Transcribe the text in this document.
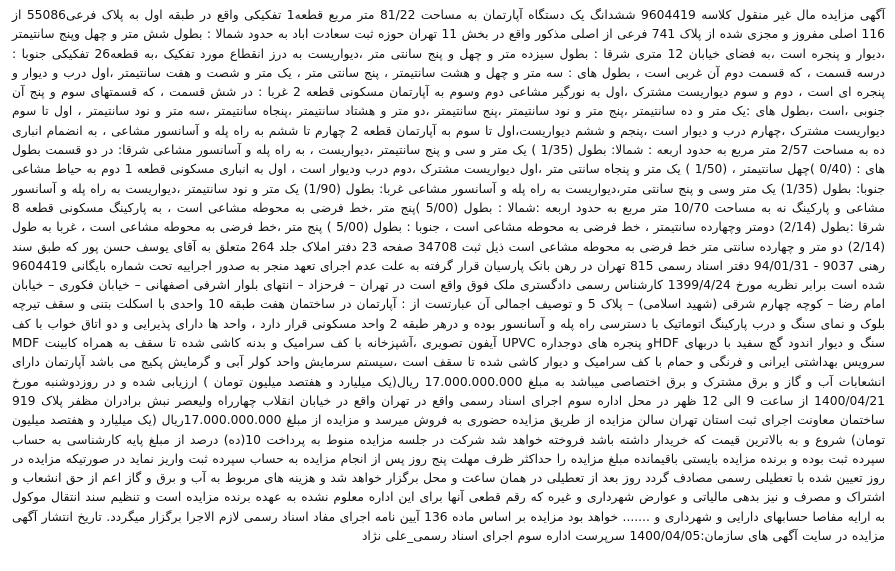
آگهی مزایده مال غیر منقول کلاسه 9604419 ششدانگ یک دستگاه آپارتمان به مساحت 81/22 متر مربع قطعه1 تفکیکی واقع در طبقه اول به پلاک فرعی55086 از 116 اصلی مفروز و مجزی شده از پلاک 741 فرعی از اصلی مذکور واقع در بخش 11 تهران حوزه ثبت سعادت اباد به حدود شمالا : بطول شش متر و چهل وپنج سانتیمتر ،دیوار و پنجره است ،به فضای خیابان 12 متری شرقا : بطول سیزده متر و چهل و پنج سانتی متر ،دیواریست به درز انقطاع مورد تفکیک ،به قطعه26 تفکیکی جنوبا : درسه قسمت ، که قسمت دوم آن غربی است ، بطول های : سه متر و چهل و هشت سانتیمتر ، پنج سانتی متر ، یک متر و شصت و هفت سانتیمتر ،اول درب و دیوار و پنجره ای است ، دوم و سوم دیواریست مشترک ،اول به نورگیر مشاعی دوم وسوم به آپارتمان مسکونی قطعه 2 غربا : در شش قسمت ، که قسمتهای سوم و پنج آن جنوبی ،است ،بطول های :یک متر و ده سانتیمتر ،پنج متر و نود سانتیمتر ،پنج سانتیمتر ،دو متر و هشتاد سانتیمتر ،پنجاه سانتیمتر ،سه متر و نود سانتیمتر ، اول تا سوم دیواریست مشترک ،چهارم درب و دیوار است ،پنجم و ششم دیواریست،اول تا سوم به آپارتمان قطعه 2 چهارم تا ششم به راه پله و آسانسور مشاعی ، به انضمام انباری ده به مساحت 2/57 متر مربع به حدود اربعه : شمالا: بطول (1/35 ) یک متر و سی و پنج سانتیمتر ،دیواریست ، به راه پله و آسانسور مشاعی شرقا: در دو قسمت بطول های : (0/40 )چهل سانتیمتر ، (1/50 ) یک متر و پنجاه سانتی متر ،اول دیواریست مشترک ،دوم درب ودیوار است ، اول به انباری مسکونی قطعه 1 دوم به حیاط مشاعی جنوبا: بطول (1/35) یک متر وسی و پنج سانتی متر،دیواریست به راه پله و آسانسور مشاعی غربا: بطول (1/90) یک متر و نود سانتیمتر ،دیواریست به راه پله و آسانسور مشاعی و پارکینگ نه به مساحت 10/70 متر مربع به حدود اربعه :شمالا : بطول (5/00 )پنج متر ،خط فرضی به محوطه مشاعی است ، به پارکینگ مسکونی قطعه 8 شرقا :بطول (2/14) دومتر وچهارده سانتیمتر ، خط فرضی به محوطه مشاعی است ، جنوبا : بطول (5/00 ) پنج متر ،خط فرضی به محوطه مشاعی است ، غربا به طول (2/14) دو متر و چهارده سانتی متر خط فرضی به محوطه مشاعی است ذیل ثبت 34708 صفحه 23 دفتر املاک جلد 264 متعلق به آقای یوسف حسن پور که طبق سند رهنی 9037 - 94/01/31 دفتر اسناد رسمی 815 تهران در رهن بانک پارسیان قرار گرفته به علت عدم اجرای تعهد منجر به صدور اجراییه تحت شماره بایگانی 9604419 شده است برابر نظریه مورخ 1399/4/24 کارشناس رسمی دادگستری ملک فوق واقع است در تهران – فرحزاد – انتهای بلوار اشرفی اصفهانی – خیابان فکوری – خیابان امام رضا – کوچه چهارم شرقی (شهید اسلامی) – پلاک 5 و توصیف اجمالی آن عبارتست از : آپارتمان در ساختمان هفت طبقه 10 واحدی با اسکلت بتنی و سقف تیرچه بلوک و نمای سنگ و درب پارکینگ اتوماتیک با دسترسی راه پله و آسانسور بوده و درهر طبقه 2 واحد مسکونی قرار دارد ، واحد ها دارای پذیرایی و دو اتاق خواب با کف سنگ و دیوار اندود گچ سفید با دربهای HDFو پنجره های دوجداره UPVC آیفون تصویری ،آشپزخانه با کف سرامیک و بدنه کاشی شده تا سقف به همراه کابینت MDF سرویس بهداشتی ایرانی و فرنگی و حمام با کف سرامیک و دیوار کاشی شده تا سقف است ،سیستم سرمایش واحد کولر آبی و گرمایش پکیج می باشد آپارتمان دارای انشعابات آب و گاز و برق مشترک و برق اختصاصی میباشد به مبلغ 17.000.000.000 ریال(یک میلیارد و هفتصد میلیون تومان ) ارزیابی شده و در روزدوشنبه مورخ 1400/04/21 از ساعت 9 الی 12 ظهر در محل اداره سوم اجرای اسناد رسمی واقع در تهران واقع در خیابان انقلاب چهارراه ولیعصر نبش برادران مظفر پلاک 919 ساختمان معاونت اجرای ثبت استان تهران سالن مزایده از طریق مزایده حضوری به فروش میرسد و مزایده از مبلغ 17.000.000.000ریال (یک میلیارد و هفتصد میلیون تومان) شروع و به بالاترین قیمت که خریدار داشته باشد فروخته خواهد شد شرکت در جلسه مزایده منوط به پرداخت 10(ده) درصد از مبلغ پایه کارشناسی به حساب سپرده ثبت بوده و برنده مزایده بایستی باقیمانده مبلغ مزایده را حداکثر ظرف مهلت پنج روز پس از انجام مزایده به حساب سپرده ثبت واریز نماید در صورتیکه مزایده در روز تعیین شده با تعطیلی رسمی مصادف گردد روز بعد از تعطیلی در همان ساعت و محل برگزار خواهد شد و هزینه های مربوط به آب و برق و گاز اعم از حق انشعاب و اشتراک و مصرف و نیز بدهی مالیاتی و عوارض شهرداری و غیره که رقم قطعی آنها برای این اداره معلوم نشده به عهده برنده مزایده است و تنظیم سند انتقال موکول به ارایه مفاصا حسابهای دارایی و شهرداری و ....... خواهد بود مزایده بر اساس ماده 136 آیین نامه اجرای مفاد اسناد رسمی لازم الاجرا برگزار میگردد. تاریخ انتشار آگهی مزایده در سایت آگهی های سازمان:1400/04/05 سرپرست اداره سوم اجرای اسناد رسمی_علی نژاد
